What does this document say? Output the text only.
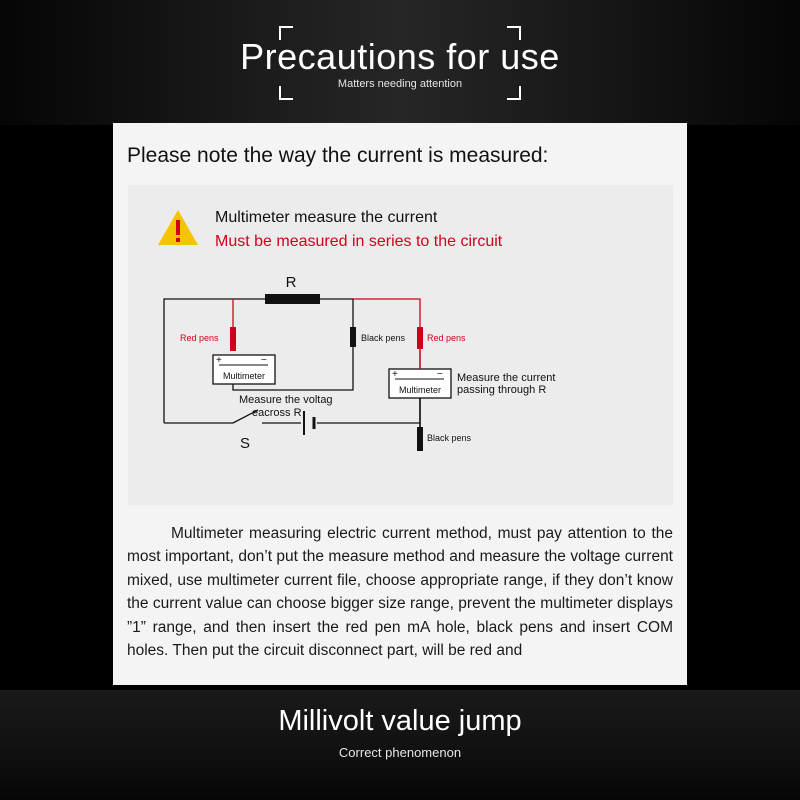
Precautions for use
Matters needing attention
Please note the way the current is measured:
+	−
Multimeter	+	−
Multimeter
R
S
Red pens	Black pens Red pens
Black pens
Measure the voltag
eacross R
Measure the current
passing through R
Multimeter measure the current
Must be measured in series to the circuit
Multimeter measuring electric current method, must pay attention to the most important, don’t put the measure method and measure the voltage current mixed, use multimeter current file, choose appropriate range, if they don’t know the current value can choose bigger size range, prevent the multimeter displays ”1” range, and then insert the red pen mA hole, black pens and insert COM holes. Then put the circuit disconnect part, will be red and
Millivolt value jump
Correct phenomenon
